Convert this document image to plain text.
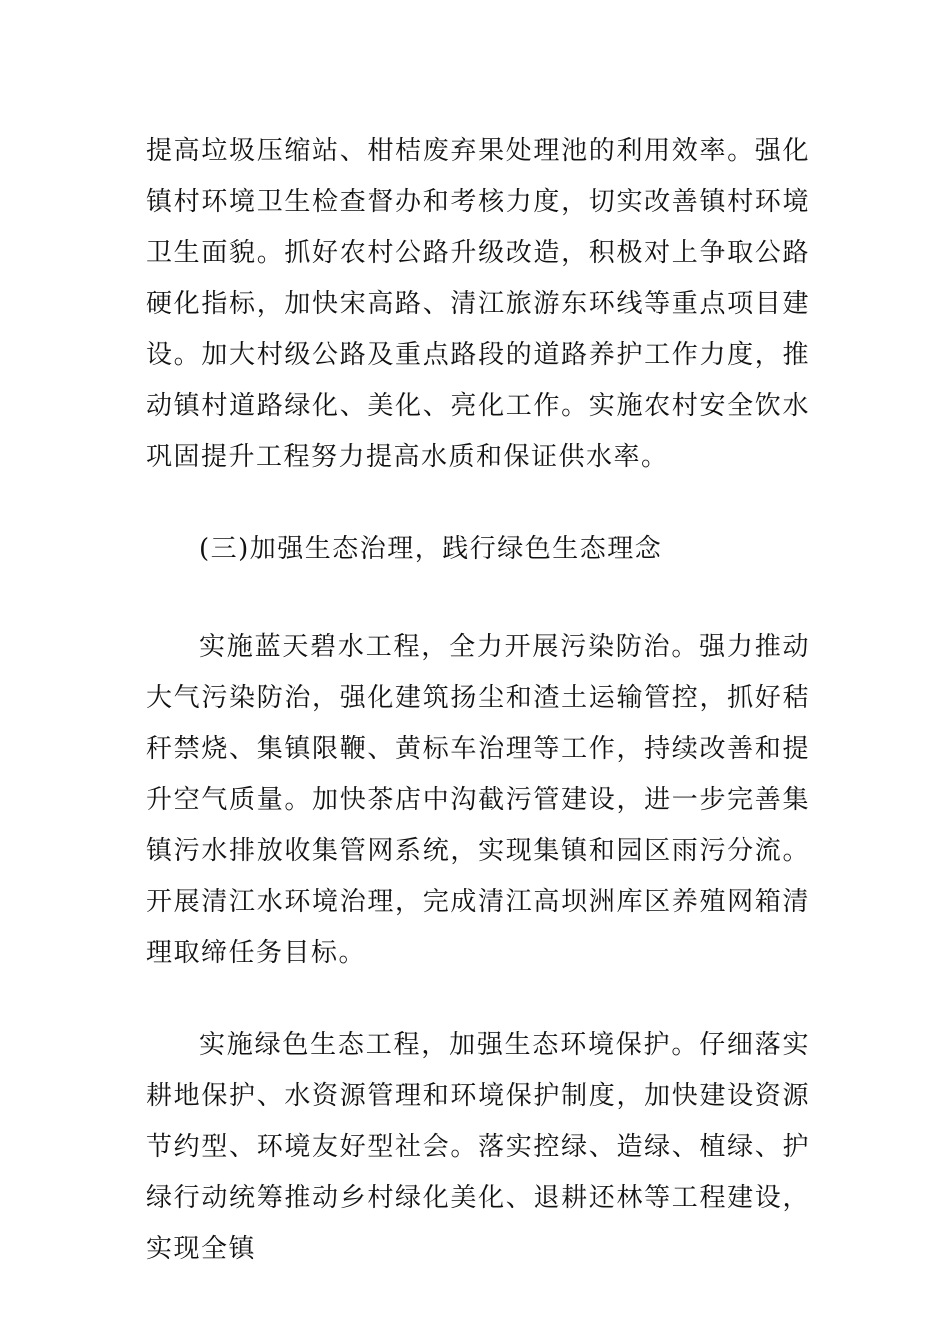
提高垃圾压缩站、柑桔废弃果处理池的利用效率。强化镇村环境卫生检查督办和考核力度，切实改善镇村环境卫生面貌。抓好农村公路升级改造，积极对上争取公路硬化指标，加快宋高路、清江旅游东环线等重点项目建设。加大村级公路及重点路段的道路养护工作力度，推动镇村道路绿化、美化、亮化工作。实施农村安全饮水巩固提升工程努力提高水质和保证供水率。

(三)加强生态治理，践行绿色生态理念

实施蓝天碧水工程，全力开展污染防治。强力推动大气污染防治，强化建筑扬尘和渣土运输管控，抓好秸秆禁烧、集镇限鞭、黄标车治理等工作，持续改善和提升空气质量。加快茶店中沟截污管建设，进一步完善集镇污水排放收集管网系统，实现集镇和园区雨污分流。开展清江水环境治理，完成清江高坝洲库区养殖网箱清理取缔任务目标。

实施绿色生态工程，加强生态环境保护。仔细落实耕地保护、水资源管理和环境保护制度，加快建设资源节约型、环境友好型社会。落实控绿、造绿、植绿、护绿行动统筹推动乡村绿化美化、退耕还林等工程建设，实现全镇
